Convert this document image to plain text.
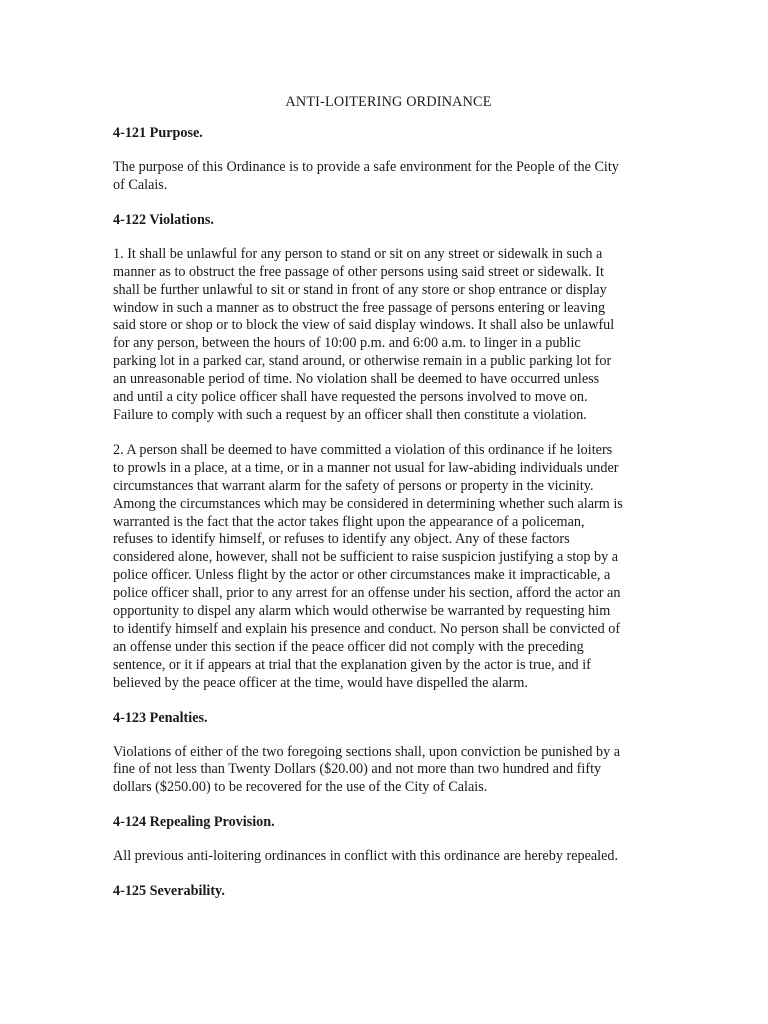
ANTI-LOITERING ORDINANCE
4-121 Purpose.
The purpose of this Ordinance is to provide a safe environment for the People of the City
of Calais.
4-122 Violations.
1. It shall be unlawful for any person to stand or sit on any street or sidewalk in such a
manner as to obstruct the free passage of other persons using said street or sidewalk. It
shall be further unlawful to sit or stand in front of any store or shop entrance or display
window in such a manner as to obstruct the free passage of persons entering or leaving
said store or shop or to block the view of said display windows. It shall also be unlawful
for any person, between the hours of 10:00 p.m. and 6:00 a.m. to linger in a public
parking lot in a parked car, stand around, or otherwise remain in a public parking lot for
an unreasonable period of time. No violation shall be deemed to have occurred unless
and until a city police officer shall have requested the persons involved to move on.
Failure to comply with such a request by an officer shall then constitute a violation.
2. A person shall be deemed to have committed a violation of this ordinance if he loiters
to prowls in a place, at a time, or in a manner not usual for law-abiding individuals under
circumstances that warrant alarm for the safety of persons or property in the vicinity.
Among the circumstances which may be considered in determining whether such alarm is
warranted is the fact that the actor takes flight upon the appearance of a policeman,
refuses to identify himself, or refuses to identify any object. Any of these factors
considered alone, however, shall not be sufficient to raise suspicion justifying a stop by a
police officer. Unless flight by the actor or other circumstances make it impracticable, a
police officer shall, prior to any arrest for an offense under his section, afford the actor an
opportunity to dispel any alarm which would otherwise be warranted by requesting him
to identify himself and explain his presence and conduct. No person shall be convicted of
an offense under this section if the peace officer did not comply with the preceding
sentence, or it if appears at trial that the explanation given by the actor is true, and if
believed by the peace officer at the time, would have dispelled the alarm.
4-123 Penalties.
Violations of either of the two foregoing sections shall, upon conviction be punished by a
fine of not less than Twenty Dollars ($20.00) and not more than two hundred and fifty
dollars ($250.00) to be recovered for the use of the City of Calais.
4-124 Repealing Provision.
All previous anti-loitering ordinances in conflict with this ordinance are hereby repealed.
4-125 Severability.
